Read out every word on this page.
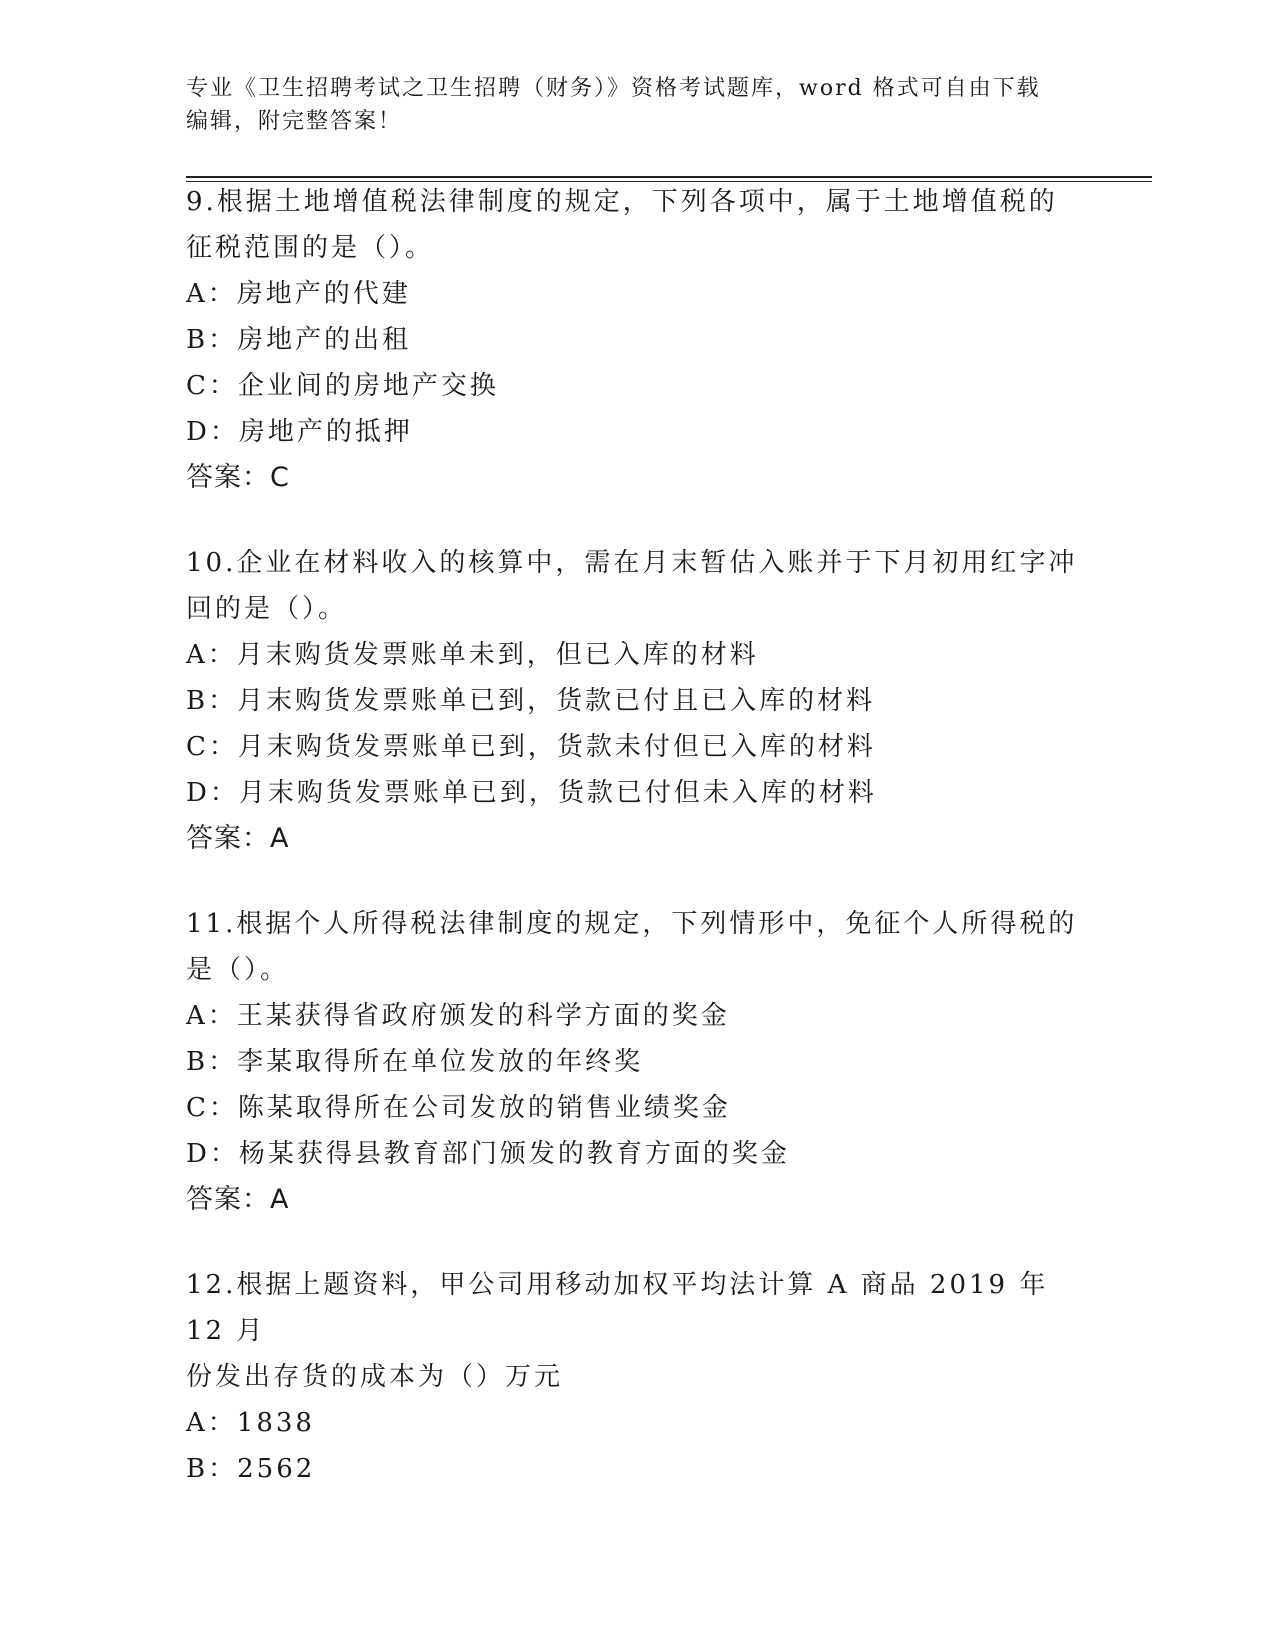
专业《卫生招聘考试之卫生招聘（财务）》资格考试题库，word 格式可自由下载
编辑，附完整答案！
9.根据土地增值税法律制度的规定，下列各项中，属于土地增值税的
征税范围的是（）。
A：房地产的代建
B：房地产的出租
C：企业间的房地产交换
D：房地产的抵押
答案：C
10.企业在材料收入的核算中，需在月末暂估入账并于下月初用红字冲
回的是（）。
A：月末购货发票账单未到，但已入库的材料
B：月末购货发票账单已到，货款已付且已入库的材料
C：月末购货发票账单已到，货款未付但已入库的材料
D：月末购货发票账单已到，货款已付但未入库的材料
答案：A
11.根据个人所得税法律制度的规定，下列情形中，免征个人所得税的
是（）。
A：王某获得省政府颁发的科学方面的奖金
B：李某取得所在单位发放的年终奖
C：陈某取得所在公司发放的销售业绩奖金
D：杨某获得县教育部门颁发的教育方面的奖金
答案：A
12.根据上题资料，甲公司用移动加权平均法计算 A 商品 2019 年 12 月
份发出存货的成本为（）万元
A：1838
B：2562
